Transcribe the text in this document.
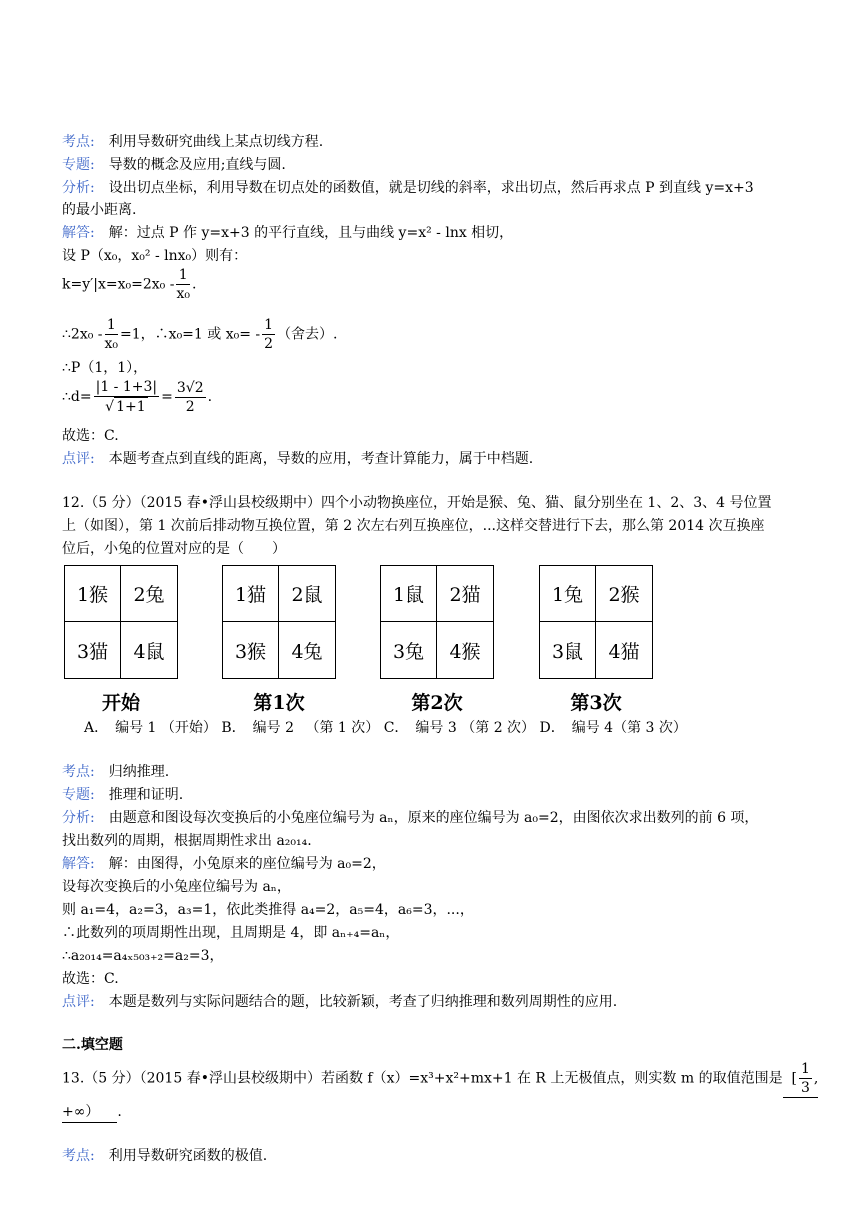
考点: 利用导数研究曲线上某点切线方程.
专题: 导数的概念及应用;直线与圆.
分析: 设出切点坐标，利用导数在切点处的函数值，就是切线的斜率，求出切点，然后再求点 P 到直线 y=x+3
的最小距离.
解答: 解：过点 P 作 y=x+3 的平行直线，且与曲线 y=x² - lnx 相切，
设 P（x₀，x₀² - lnx₀）则有：
$k=y'|x=x_0=2x_0 - \frac{1}{\text{x₀}}$ .
∴2x₀ - $\frac{1}{\text{x₀}} =1$，∴x₀=1 或 $x_0= - \frac{1}{2}$ （舍去）.
∴P（1，1），
∴d= $\frac{|1 - 1+3|}{√ 1+1} = \frac{3√2}{2}$ .
故选：C.
点评: 本题考查点到直线的距离，导数的应用，考查计算能力，属于中档题.
12.（5 分）（2015 春•浮山县校级期中）四个小动物换座位，开始是猴、兔、猫、鼠分别坐在 1、2、3、4 号位置
上（如图），第 1 次前后排动物互换位置，第 2 次左右列互换座位，...这样交替进行下去，那么第 2014 次互换座
位后，小兔的位置对应的是（　　）
1猴	2兔
3猫	4鼠
开始
1猫	2鼠
3猴	4兔
第1次
1鼠	2猫
3兔	4猴
第2次
1兔	2猴
3鼠	4猫
第3次
A．　编号 1 （开始） B．　编号 2 　（第 1 次） C．　编号 3 （第 2 次） D．　编号 4（第 3 次）
考点: 归纳推理.
专题: 推理和证明.
分析: 由题意和图设每次变换后的小兔座位编号为 aₙ，原来的座位编号为 a₀=2，由图依次求出数列的前 6 项，
找出数列的周期，根据周期性求出 a₂₀₁₄.
解答: 解：由图得，小兔原来的座位编号为 a₀=2，
设每次变换后的小兔座位编号为 aₙ，
则 a₁=4，a₂=3，a₃=1，依此类推得 a₄=2，a₅=4，a₆=3，...，
∴此数列的项周期性出现，且周期是 4，即 aₙ₊₄=aₙ，
∴a₂₀₁₄=a₄ₓ₅₀₃₊₂=a₂=3，
故选：C.
点评: 本题是数列与实际问题结合的题，比较新颖，考查了归纳推理和数列周期性的应用.
二.填空题
13.（5 分）（2015 春•浮山县校级期中）若函数 f（x）=x³+x²+mx+1 在 R 上无极值点，则实数 m 的取值范围是 [ $\frac{1}{3}$ ,
+∞） .
考点: 利用导数研究函数的极值.
